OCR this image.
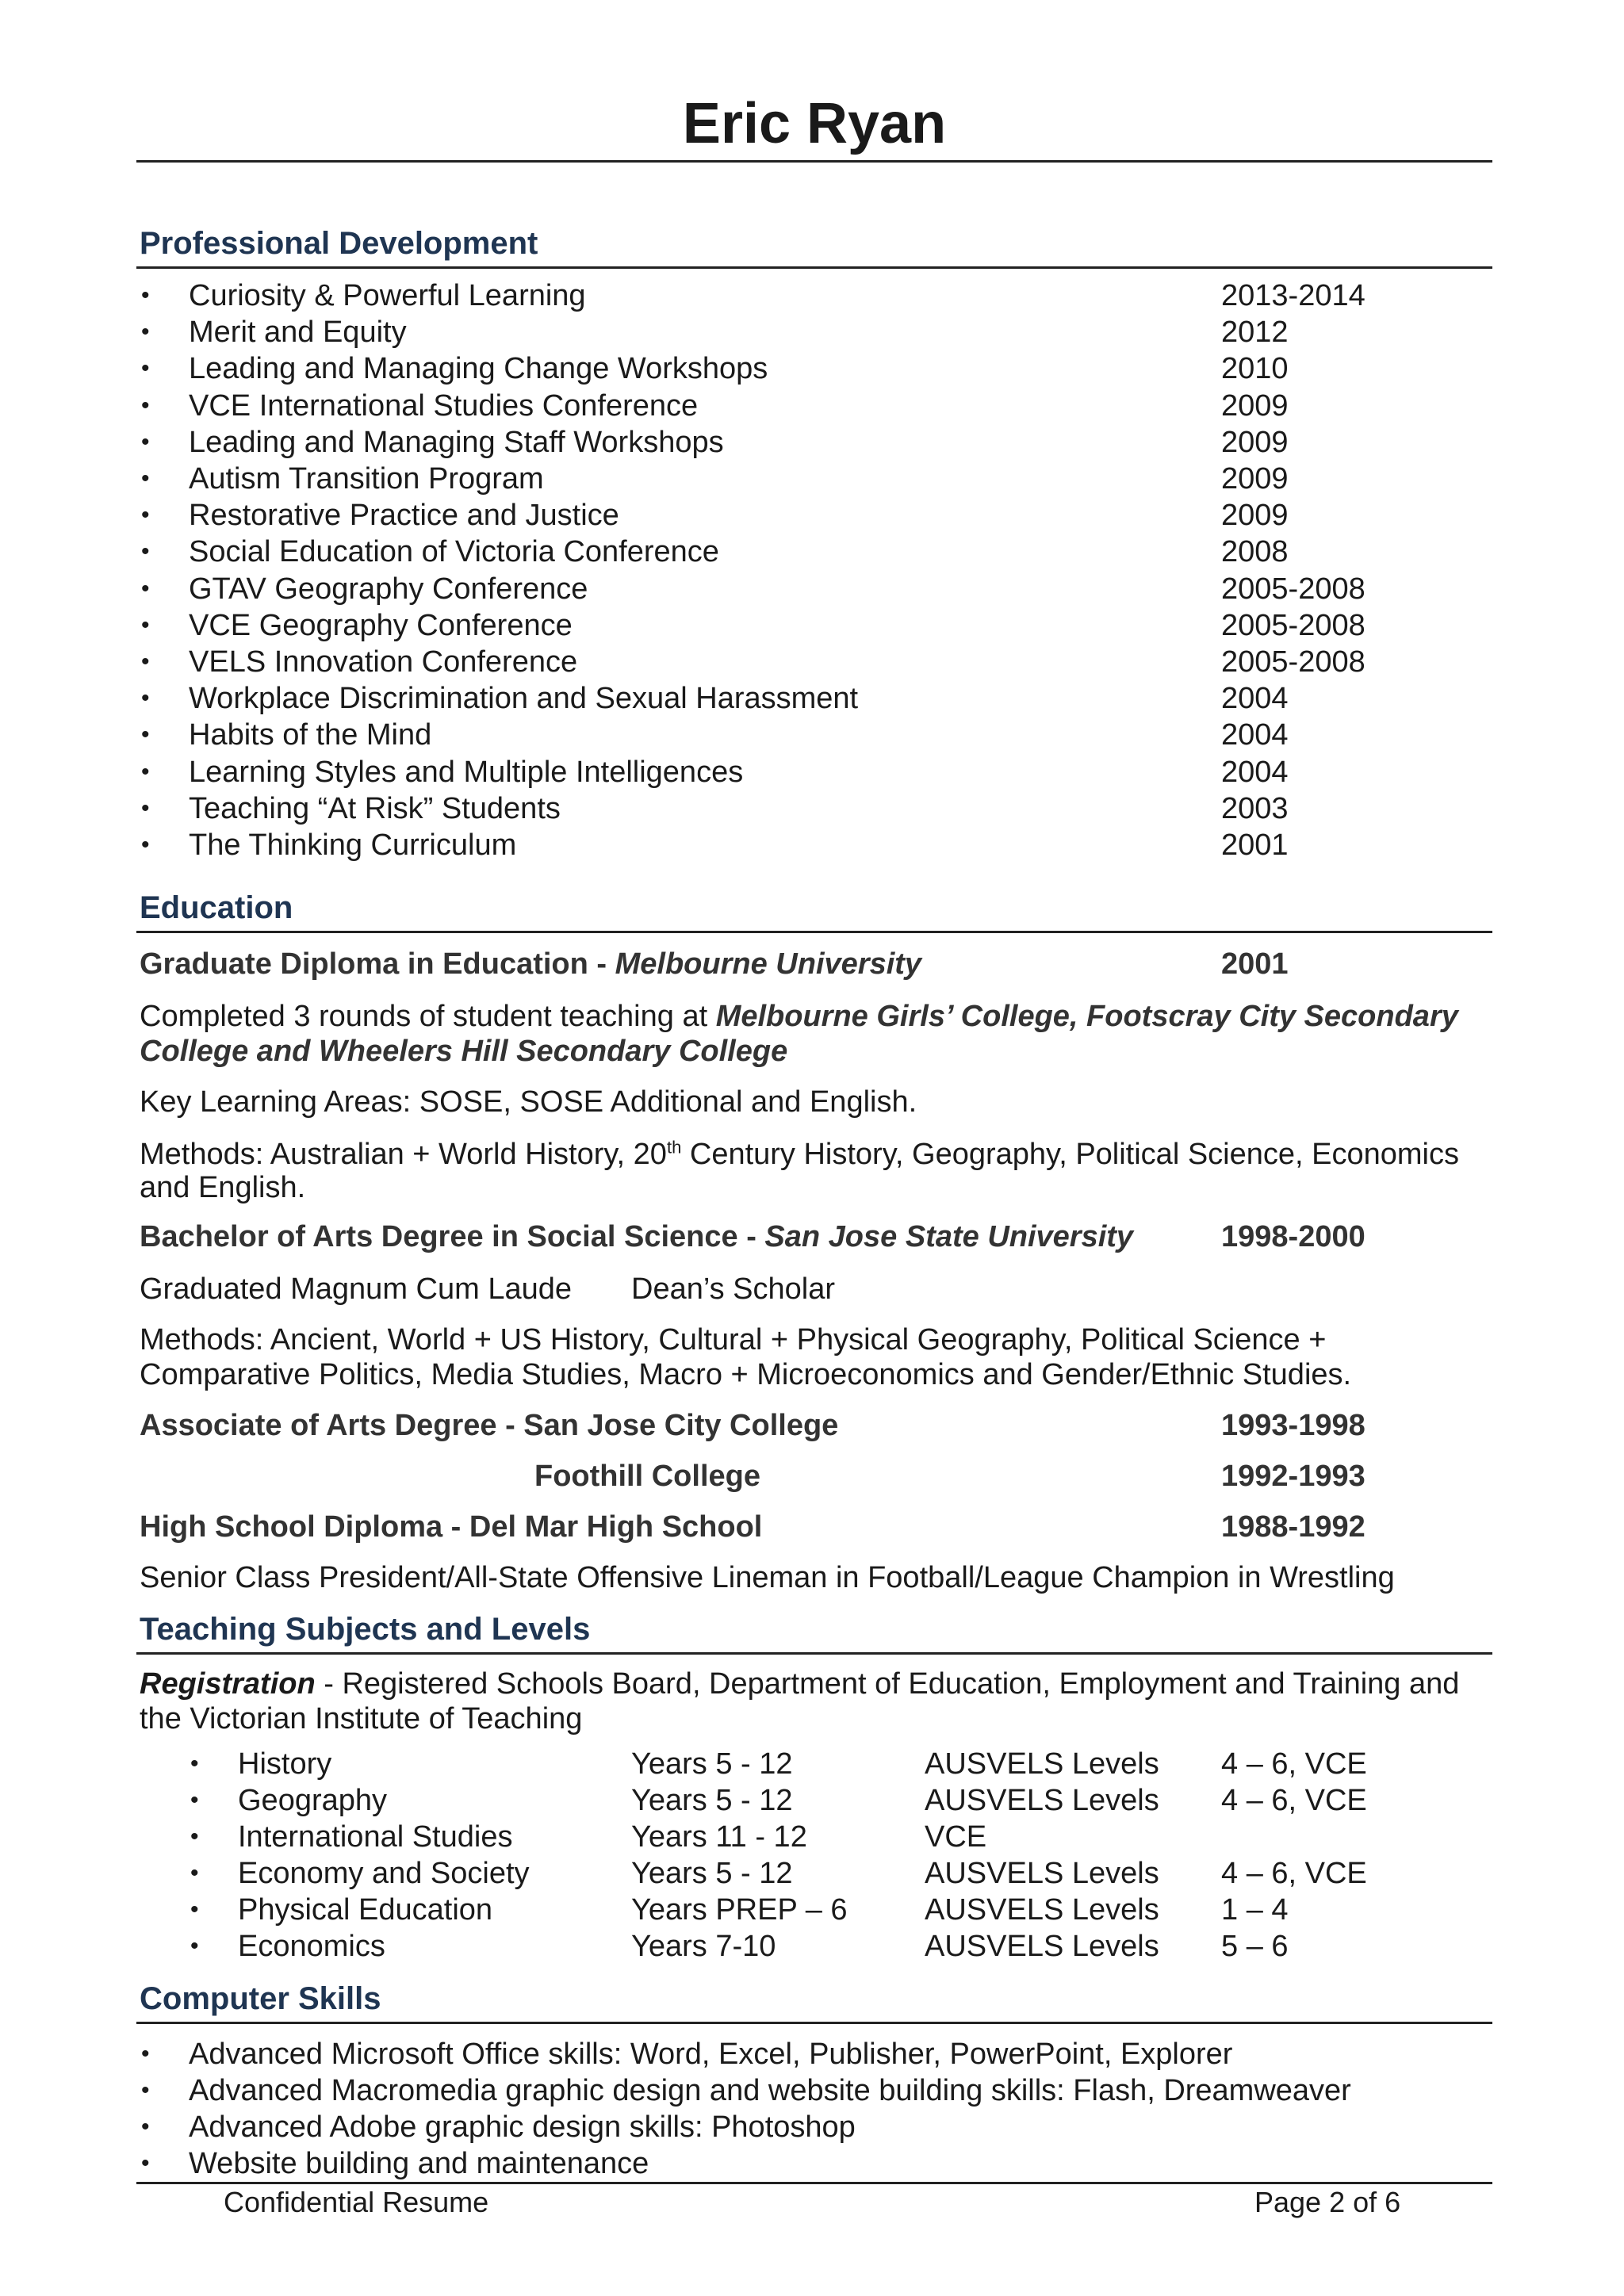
Eric Ryan
Professional Development
• Curiosity & Powerful Learning	2013-2014
• Merit and Equity	2012
• Leading and Managing Change Workshops	2010
• VCE International Studies Conference	2009
• Leading and Managing Staff Workshops	2009
• Autism Transition Program	2009
• Restorative Practice and Justice	2009
• Social Education of Victoria Conference	2008
• GTAV Geography Conference	2005-2008
• VCE Geography Conference	2005-2008
• VELS Innovation Conference	2005-2008
• Workplace Discrimination and Sexual Harassment	2004
• Habits of the Mind	2004
• Learning Styles and Multiple Intelligences	2004
• Teaching “At Risk” Students	2003
• The Thinking Curriculum	2001
Education
Graduate Diploma in Education - Melbourne University	2001
Completed 3 rounds of student teaching at Melbourne Girls’ College, Footscray City Secondary
College and Wheelers Hill Secondary College
Key Learning Areas: SOSE, SOSE Additional and English.
Methods: Australian + World History, 20th Century History, Geography, Political Science, Economics
and English.
Bachelor of Arts Degree in Social Science - San Jose State University	1998-2000
Graduated Magnum Cum Laude Dean’s Scholar
Methods: Ancient, World + US History, Cultural + Physical Geography, Political Science +
Comparative Politics, Media Studies, Macro + Microeconomics and Gender/Ethnic Studies.
Associate of Arts Degree - San Jose City College	1993-1998
Foothill College	1992-1993
High School Diploma - Del Mar High School	1988-1992
Senior Class President/All-State Offensive Lineman in Football/League Champion in Wrestling
Teaching Subjects and Levels
Registration - Registered Schools Board, Department of Education, Employment and Training and
the Victorian Institute of Teaching
• History	Years 5 - 12	AUSVELS Levels 4 – 6, VCE
• Geography	Years 5 - 12	AUSVELS Levels 4 – 6, VCE
• International Studies	Years 11 - 12	VCE
• Economy and Society	Years 5 - 12	AUSVELS Levels 4 – 6, VCE
• Physical Education	Years PREP – 6	AUSVELS Levels 1 – 4
• Economics	Years 7-10	AUSVELS Levels 5 – 6
Computer Skills
• Advanced Microsoft Office skills: Word, Excel, Publisher, PowerPoint, Explorer
• Advanced Macromedia graphic design and website building skills: Flash, Dreamweaver
• Advanced Adobe graphic design skills: Photoshop
• Website building and maintenance
Confidential Resume	Page 2 of 6
